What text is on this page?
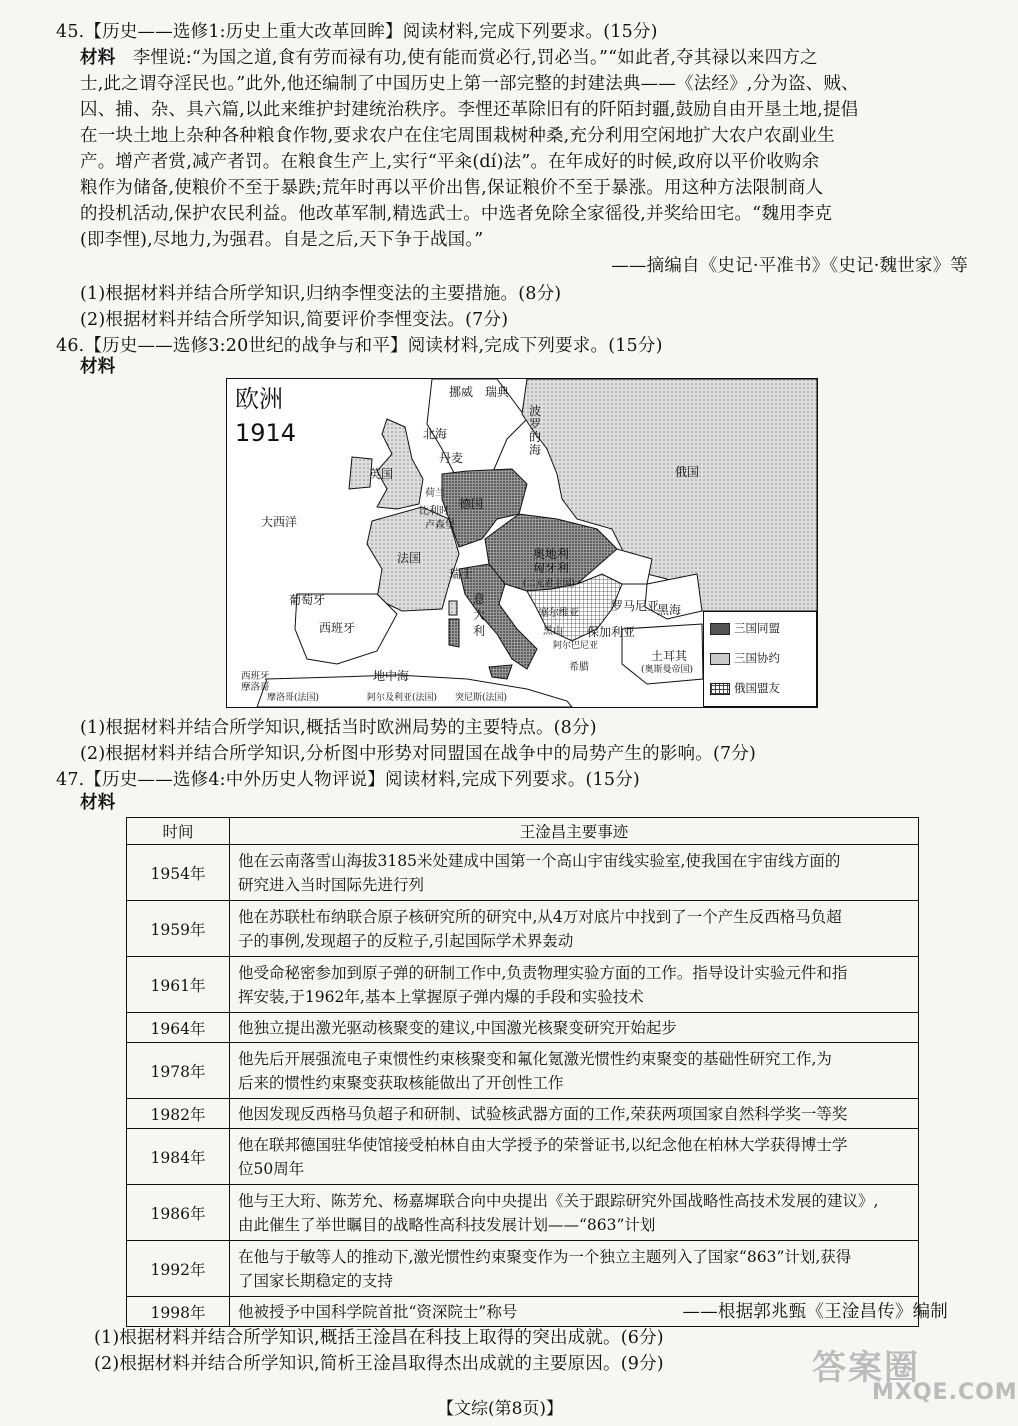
45.【历史——选修1:历史上重大改革回眸】阅读材料,完成下列要求。(15分)
材料 李悝说:“为国之道,食有劳而禄有功,使有能而赏必行,罚必当。”“如此者,夺其禄以来四方之
士,此之谓夺淫民也。”此外,他还编制了中国历史上第一部完整的封建法典——《法经》,分为盗、贼、
囚、捕、杂、具六篇,以此来维护封建统治秩序。李悝还革除旧有的阡陌封疆,鼓励自由开垦土地,提倡
在一块土地上杂种各种粮食作物,要求农户在住宅周围栽树种桑,充分利用空闲地扩大农户农副业生
产。增产者赏,减产者罚。在粮食生产上,实行“平籴(dí)法”。在年成好的时候,政府以平价收购余
粮作为储备,使粮价不至于暴跌;荒年时再以平价出售,保证粮价不至于暴涨。用这种方法限制商人
的投机活动,保护农民利益。他改革军制,精选武士。中选者免除全家徭役,并奖给田宅。“魏用李克
(即李悝),尽地力,为强君。自是之后,天下争于战国。”
——摘编自《史记·平准书》《史记·魏世家》等
(1)根据材料并结合所学知识,归纳李悝变法的主要措施。(8分)
(2)根据材料并结合所学知识,简要评价李悝变法。(7分)
46.【历史——选修3:20世纪的战争与和平】阅读材料,完成下列要求。(15分)
材料
欧洲
1914
挪威 瑞典
波罗的海
北海
丹麦
英国
德国
俄国
大西洋
荷兰
比利时
卢森堡
法国	奥地利匈牙利
(二元君主国)
瑞士
葡萄牙
西班牙
意大利
罗马尼亚
黑海
塞尔维亚
黑山 保加利亚
阿尔巴尼亚
希腊
土耳其
(奥斯曼帝国)
地中海
西班牙摩洛哥
摩洛哥(法国)	阿尔及利亚(法国) 突尼斯(法国)
三国同盟
三国协约
俄国盟友
(1)根据材料并结合所学知识,概括当时欧洲局势的主要特点。(8分)
(2)根据材料并结合所学知识,分析图中形势对同盟国在战争中的局势产生的影响。(7分)
47.【历史——选修4:中外历史人物评说】阅读材料,完成下列要求。(15分)
材料
时间	王淦昌主要事迹
1954年	他在云南落雪山海拔3185米处建成中国第一个高山宇宙线实验室,使我国在宇宙线方面的
研究进入当时国际先进行列

1959年	他在苏联杜布纳联合原子核研究所的研究中,从4万对底片中找到了一个产生反西格马负超
子的事例,发现超子的反粒子,引起国际学术界轰动

1961年	他受命秘密参加到原子弹的研制工作中,负责物理实验方面的工作。指导设计实验元件和指
挥安装,于1962年,基本上掌握原子弹内爆的手段和实验技术

1964年	他独立提出激光驱动核聚变的建议,中国激光核聚变研究开始起步

1978年	他先后开展强流电子束惯性约束核聚变和氟化氪激光惯性约束聚变的基础性研究工作,为
后来的惯性约束聚变获取核能做出了开创性工作

1982年	他因发现反西格马负超子和研制、试验核武器方面的工作,荣获两项国家自然科学奖一等奖

1984年	他在联邦德国驻华使馆接受柏林自由大学授予的荣誉证书,以纪念他在柏林大学获得博士学
位50周年

1986年	他与王大珩、陈芳允、杨嘉墀联合向中央提出《关于跟踪研究外国战略性高技术发展的建议》,
由此催生了举世瞩目的战略性高科技发展计划——“863”计划

1992年	在他与于敏等人的推动下,激光惯性约束聚变作为一个独立主题列入了国家“863”计划,获得
了国家长期稳定的支持

1998年	他被授予中国科学院首批“资深院士”称号	——根据郭兆甄《王淦昌传》编制
(1)根据材料并结合所学知识,概括王淦昌在科技上取得的突出成就。(6分)
(2)根据材料并结合所学知识,简析王淦昌取得杰出成就的主要原因。(9分)
【文综(第8页)】
答案圈
MXQE.COM
